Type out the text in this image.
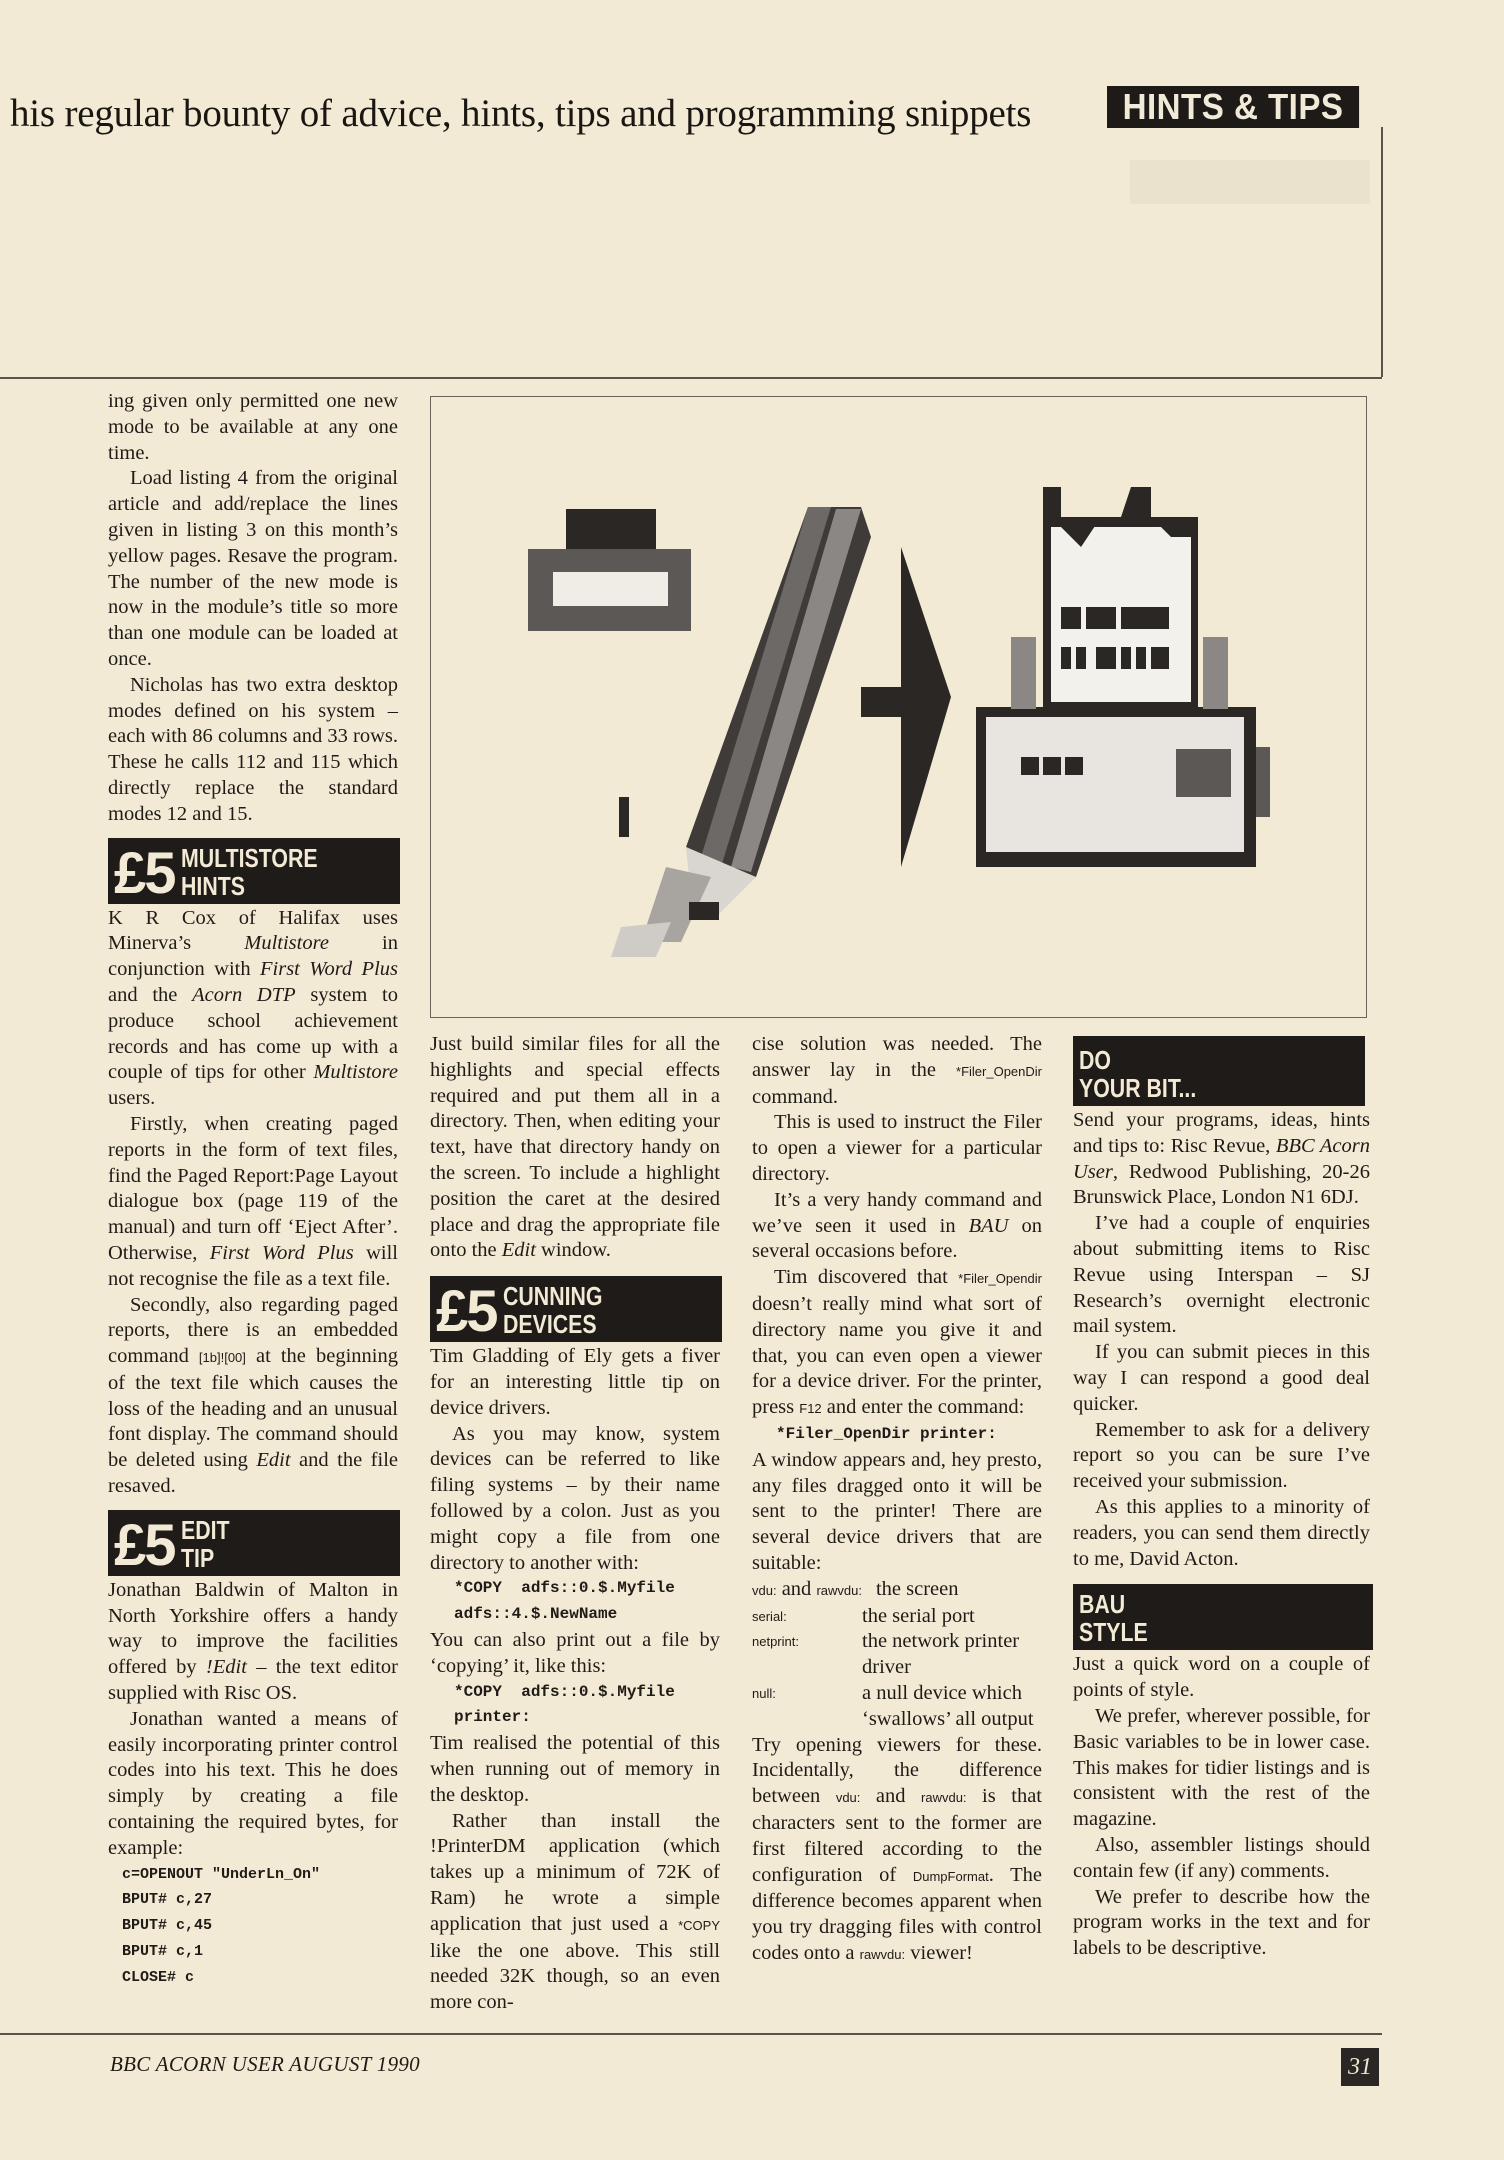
his regular bounty of advice, hints, tips and programming snippets	HINTS & TIPS

ing given only permitted one new mode to be available at any one time.

Load listing 4 from the original article and add/replace the lines given in listing 3 on this month’s yellow pages. Resave the program. The number of the new mode is now in the module’s title so more than one module can be loaded at once.

Nicholas has two extra desktop modes defined on his system – each with 86 columns and 33 rows. These he calls 112 and 115 which directly replace the standard modes 12 and 15.

£5 MULTISTORE
HINTS

K R Cox of Halifax uses Minerva’s Multistore in conjunction with First Word Plus and the Acorn DTP system to produce school achievement records and has come up with a couple of tips for other Multistore users.

Firstly, when creating paged reports in the form of text files, find the Paged Report:Page Layout dialogue box (page 119 of the manual) and turn off ‘Eject After’. Otherwise, First Word Plus will not recognise the file as a text file.

Secondly, also regarding paged reports, there is an embedded command [1b]![00] at the beginning of the text file which causes the loss of the heading and an unusual font display. The command should be deleted using Edit and the file resaved.

£5 EDIT
TIP

Jonathan Baldwin of Malton in North Yorkshire offers a handy way to improve the facilities offered by !Edit – the text editor supplied with Risc OS.

Jonathan wanted a means of easily incorporating printer control codes into his text. This he does simply by creating a file containing the required bytes, for example:

c=OPENOUT "UnderLn_On"
BPUT# c,27
BPUT# c,45
BPUT# c,1
CLOSE# c

Just build similar files for all the highlights and special effects required and put them all in a directory. Then, when editing your text, have that directory handy on the screen. To include a highlight position the caret at the desired place and drag the appropriate file onto the Edit window.

£5 CUNNING
DEVICES

Tim Gladding of Ely gets a fiver for an interesting little tip on device drivers.

As you may know, system devices can be referred to like filing systems – by their name followed by a colon. Just as you might copy a file from one directory to another with:

*COPY  adfs::0.$.Myfile
adfs::4.$.NewName

You can also print out a file by ‘copying’ it, like this:

*COPY  adfs::0.$.Myfile
printer:

Tim realised the potential of this when running out of memory in the desktop.

Rather than install the !PrinterDM application (which takes up a minimum of 72K of Ram) he wrote a simple application that just used a *COPY like the one above. This still needed 32K though, so an even more con-

cise solution was needed. The answer lay in the *Filer_OpenDir command.

This is used to instruct the Filer to open a viewer for a particular directory.

It’s a very handy command and we’ve seen it used in BAU on several occasions before.

Tim discovered that *Filer_Opendir doesn’t really mind what sort of directory name you give it and that, you can even open a viewer for a device driver. For the printer, press F12 and enter the command:

*Filer_OpenDir printer:

A window appears and, hey presto, any files dragged onto it will be sent to the printer! There are several device drivers that are suitable:

vdu: and rawvdu: the screen
serial:	the serial port
netprint:	the network printer driver
null:	a null device which ‘swallows’ all output

Try opening viewers for these. Incidentally, the difference between vdu: and rawvdu: is that characters sent to the former are first filtered according to the configuration of DumpFormat. The difference becomes apparent when you try dragging files with control codes onto a rawvdu: viewer!

DO
YOUR BIT...

Send your programs, ideas, hints and tips to: Risc Revue, BBC Acorn User, Redwood Publishing, 20-26 Brunswick Place, London N1 6DJ.

I’ve had a couple of enquiries about submitting items to Risc Revue using Interspan – SJ Research’s overnight electronic mail system.

If you can submit pieces in this way I can respond a good deal quicker.

Remember to ask for a delivery report so you can be sure I’ve received your submission.

As this applies to a minority of readers, you can send them directly to me, David Acton.

BAU
STYLE

Just a quick word on a couple of points of style.

We prefer, wherever possible, for Basic variables to be in lower case. This makes for tidier listings and is consistent with the rest of the magazine.

Also, assembler listings should contain few (if any) comments.

We prefer to describe how the program works in the text and for labels to be descriptive.

BBC ACORN USER AUGUST 1990	31
